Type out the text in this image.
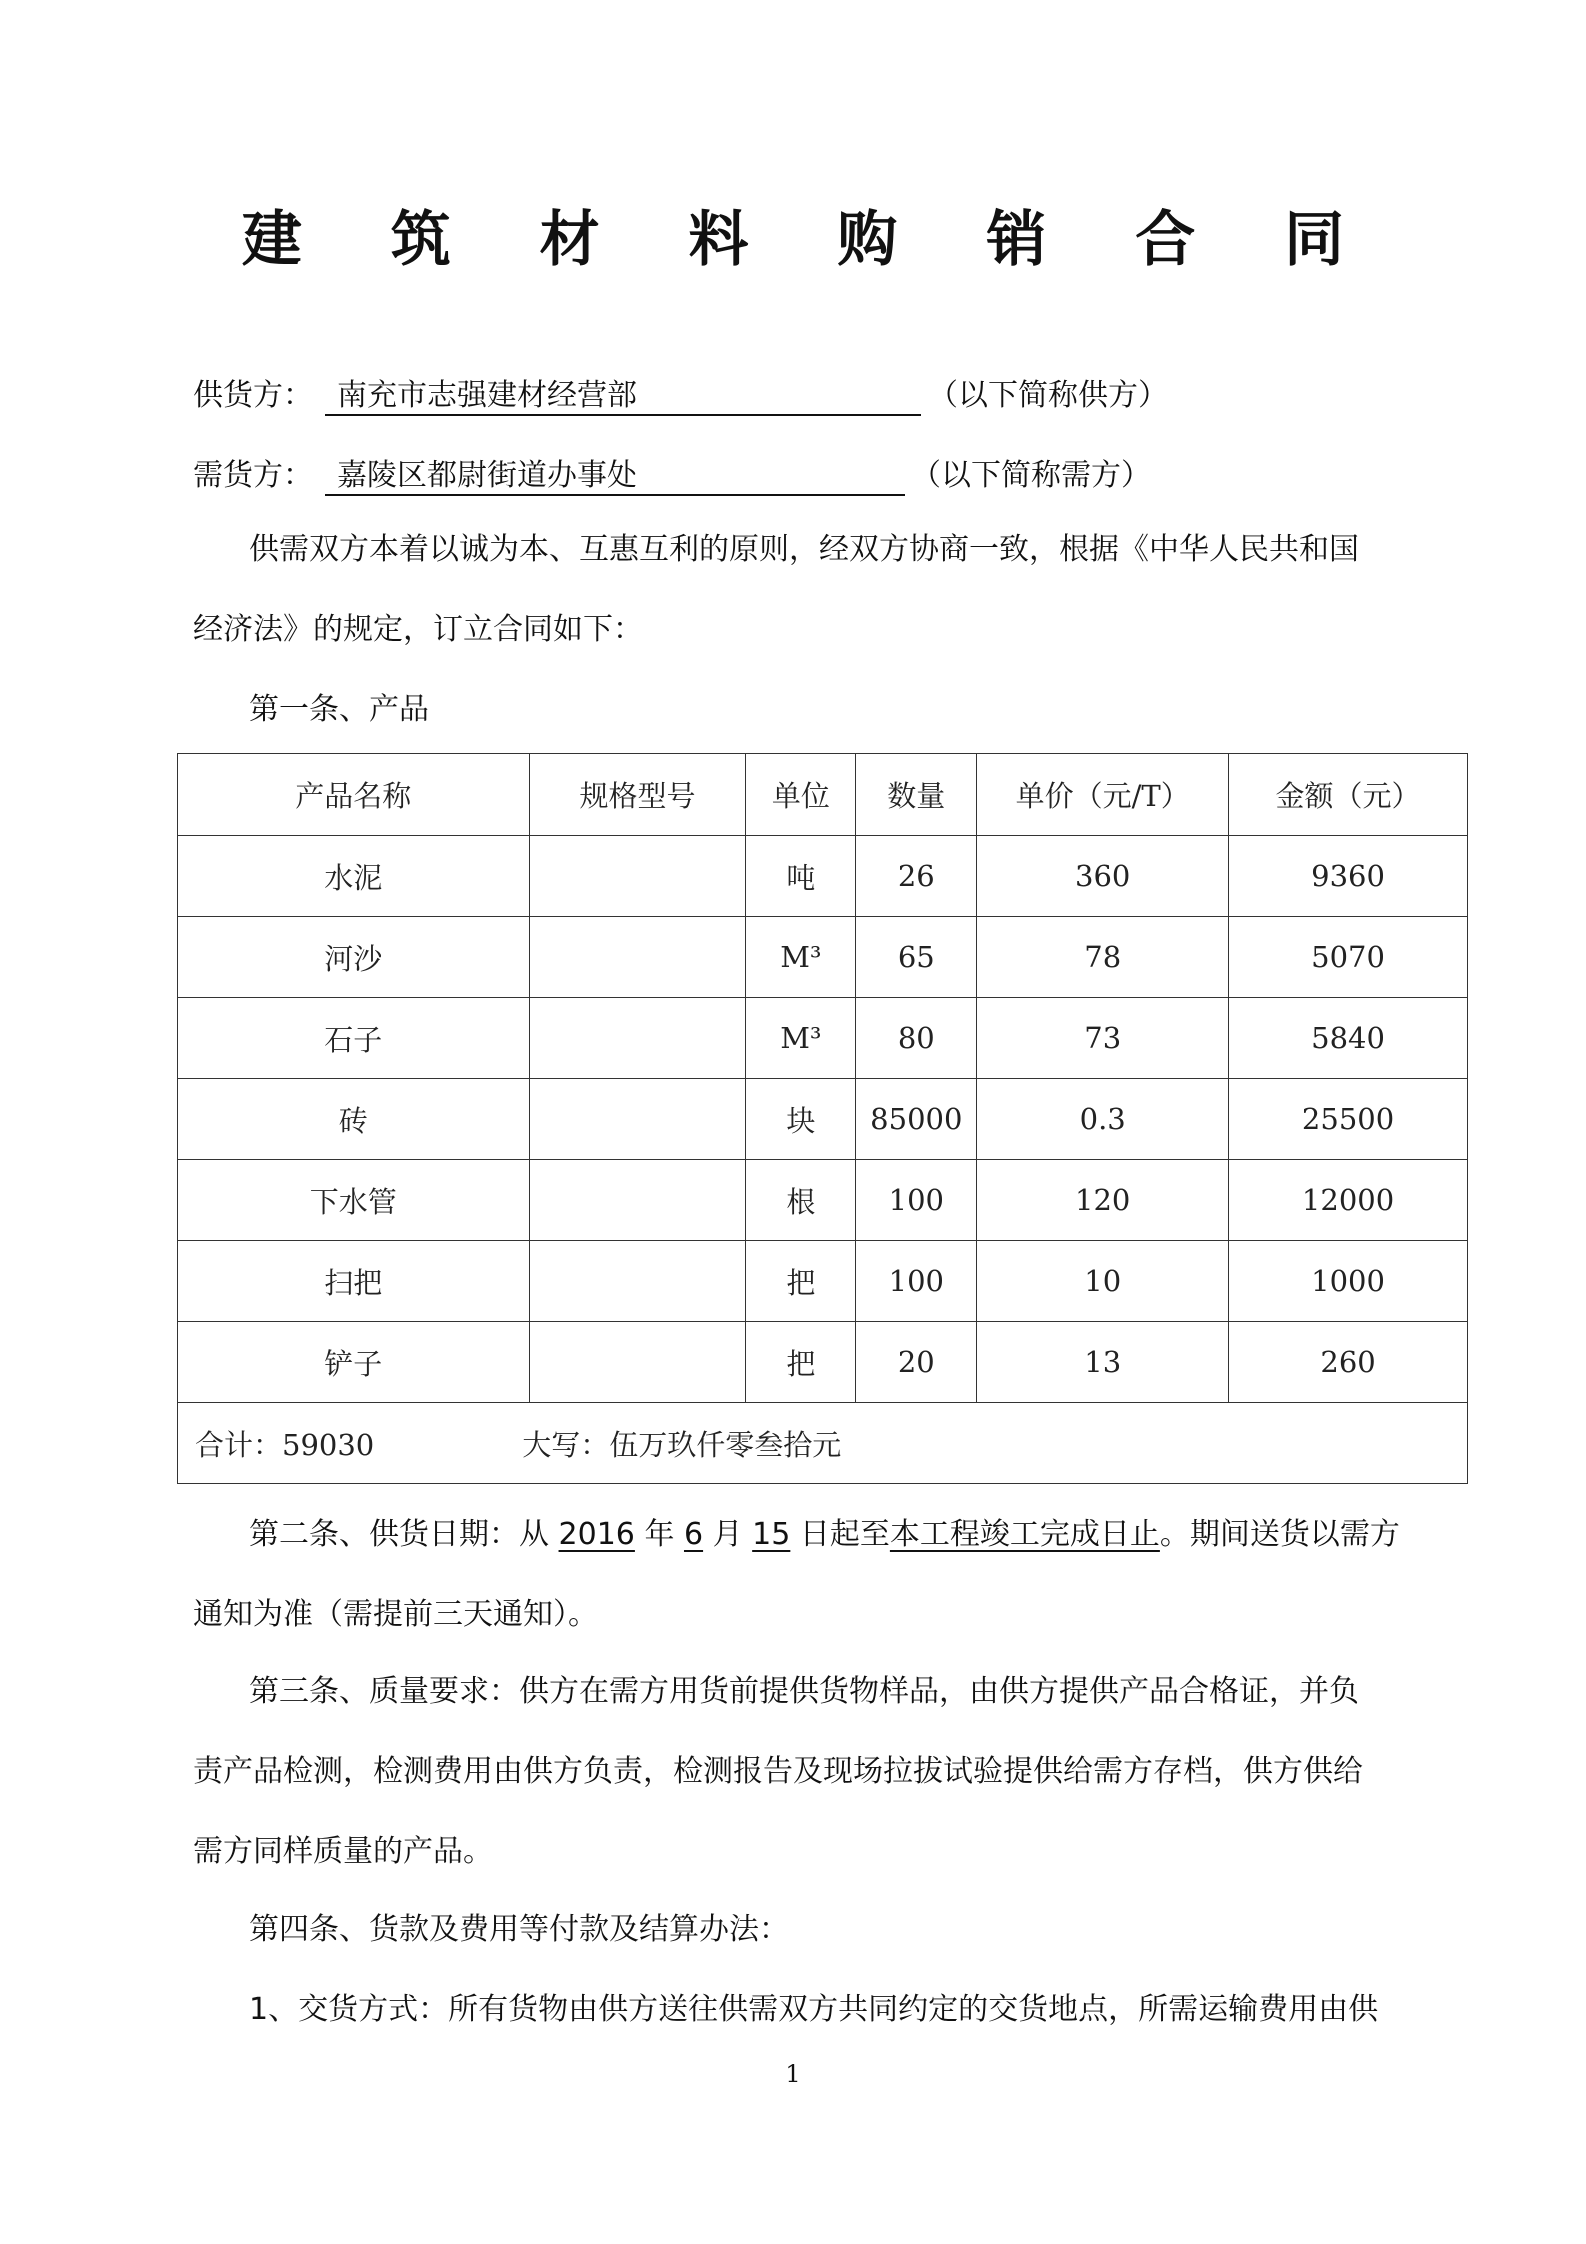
建 筑 材 料 购 销 合 同
供货方： 南充市志强建材经营部	（以下简称供方）
需货方： 嘉陵区都尉街道办事处	（以下简称需方）
供需双方本着以诚为本、互惠互利的原则，经双方协商一致，根据《中华人民共和国
经济法》的规定，订立合同如下：
第一条、产品
产品名称	规格型号	单位	数量	单价（元/T）	金额（元）
水泥		吨	26	360	9360
河沙		M³	65	78	5070
石子		M³	80	73	5840
砖		块	85000	0.3	25500
下水管		根	100	120	12000
扫把		把	100	10	1000
铲子		把	20	13	260
合计：59030 大写：伍万玖仟零叁拾元					
第二条、供货日期：从 2016 年 6 月 15 日起至本工程竣工完成日止。期间送货以需方
通知为准（需提前三天通知）。
第三条、质量要求：供方在需方用货前提供货物样品，由供方提供产品合格证，并负
责产品检测，检测费用由供方负责，检测报告及现场拉拔试验提供给需方存档，供方供给
需方同样质量的产品。
第四条、货款及费用等付款及结算办法：
1、交货方式：所有货物由供方送往供需双方共同约定的交货地点，所需运输费用由供
1
